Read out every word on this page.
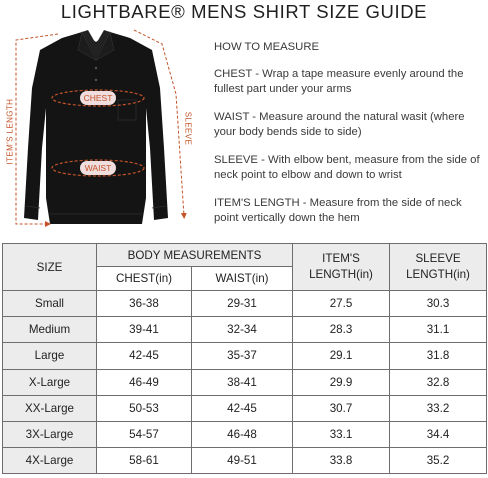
LIGHTBARE® MENS SHIRT SIZE GUIDE
CHEST
WAIST
ITEM'S LENGTH	SLEEVE
HOW TO MEASURE
CHEST - Wrap a tape measure evenly around the fullest part under your arms
WAIST - Measure around the natural wasit (where your body bends side to side)
SLEEVE - With elbow bent, measure from the side of neck point to elbow and down to wrist
ITEM'S LENGTH - Measure from the side of neck point vertically down the hem
SIZE	BODY MEASUREMENTS		ITEM'S LENGTH(in)	SLEEVE LENGTH(in)
	CHEST(in)	WAIST(in)		
Small	36-38	29-31	27.5	30.3
Medium	39-41	32-34	28.3	31.1
Large	42-45	35-37	29.1	31.8
X-Large	46-49	38-41	29.9	32.8
XX-Large	50-53	42-45	30.7	33.2
3X-Large	54-57	46-48	33.1	34.4
4X-Large	58-61	49-51	33.8	35.2
